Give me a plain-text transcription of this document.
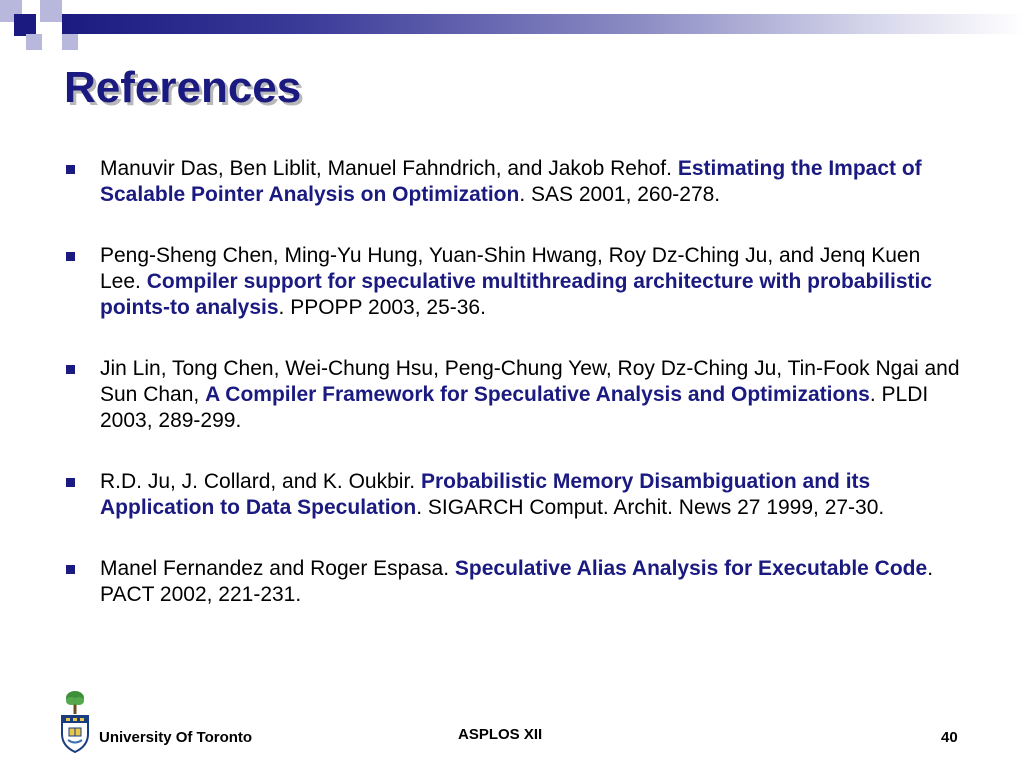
References
Manuvir Das, Ben Liblit, Manuel Fahndrich, and Jakob Rehof. Estimating the Impact of Scalable Pointer Analysis on Optimization. SAS 2001, 260-278.
Peng-Sheng Chen, Ming-Yu Hung, Yuan-Shin Hwang, Roy Dz-Ching Ju, and Jenq Kuen Lee. Compiler support for speculative multithreading architecture with probabilistic points-to analysis. PPOPP 2003, 25-36.
Jin Lin, Tong Chen, Wei-Chung Hsu, Peng-Chung Yew, Roy Dz-Ching Ju, Tin-Fook Ngai and Sun Chan, A Compiler Framework for Speculative Analysis and Optimizations. PLDI 2003, 289-299.
R.D. Ju, J. Collard, and K. Oukbir. Probabilistic Memory Disambiguation and its Application to Data Speculation. SIGARCH Comput. Archit. News 27 1999, 27-30.
Manel Fernandez and Roger Espasa. Speculative Alias Analysis for Executable Code. PACT 2002, 221-231.
University Of Toronto	ASPLOS XII	40
